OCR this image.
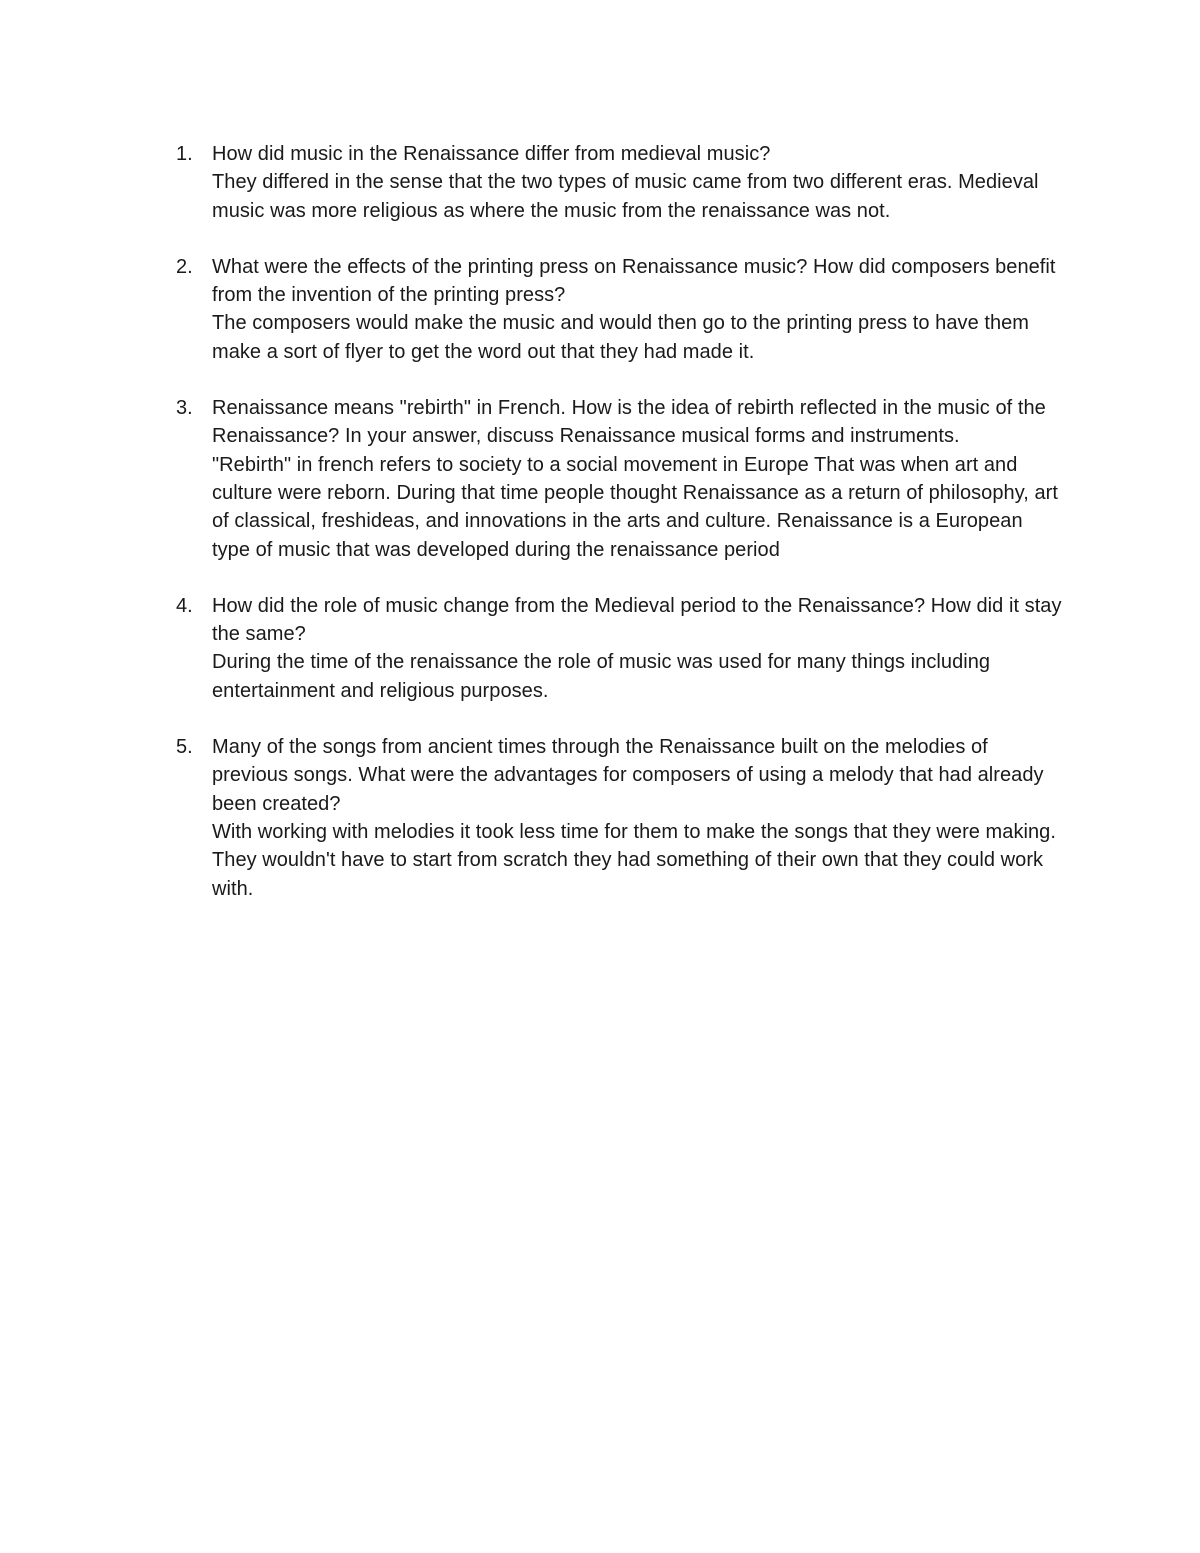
1. How did music in the Renaissance differ from medieval music?
They differed in the sense that the two types of music came from two different eras. Medieval music was more religious as where the music from the renaissance was not.
2. What were the effects of the printing press on Renaissance music? How did composers benefit from the invention of the printing press?
The composers would make the music and would then go to the printing press to have them make a sort of flyer to get the word out that they had made it.
3. Renaissance means "rebirth" in French. How is the idea of rebirth reflected in the music of the Renaissance? In your answer, discuss Renaissance musical forms and instruments.
"Rebirth" in french refers to society to a social movement in Europe That was when art and culture were reborn. During that time people thought Renaissance as a return of philosophy, art of classical, freshideas, and innovations in the arts and culture. Renaissance is a European type of music that was developed during the renaissance period
4. How did the role of music change from the Medieval period to the Renaissance? How did it stay the same?
During the time of the renaissance the role of music was used for many things including entertainment and religious purposes.
5. Many of the songs from ancient times through the Renaissance built on the melodies of previous songs. What were the advantages for composers of using a melody that had already been created?
With working with melodies it took less time for them to make the songs that they were making. They wouldn't have to start from scratch they had something of their own that they could work with.
